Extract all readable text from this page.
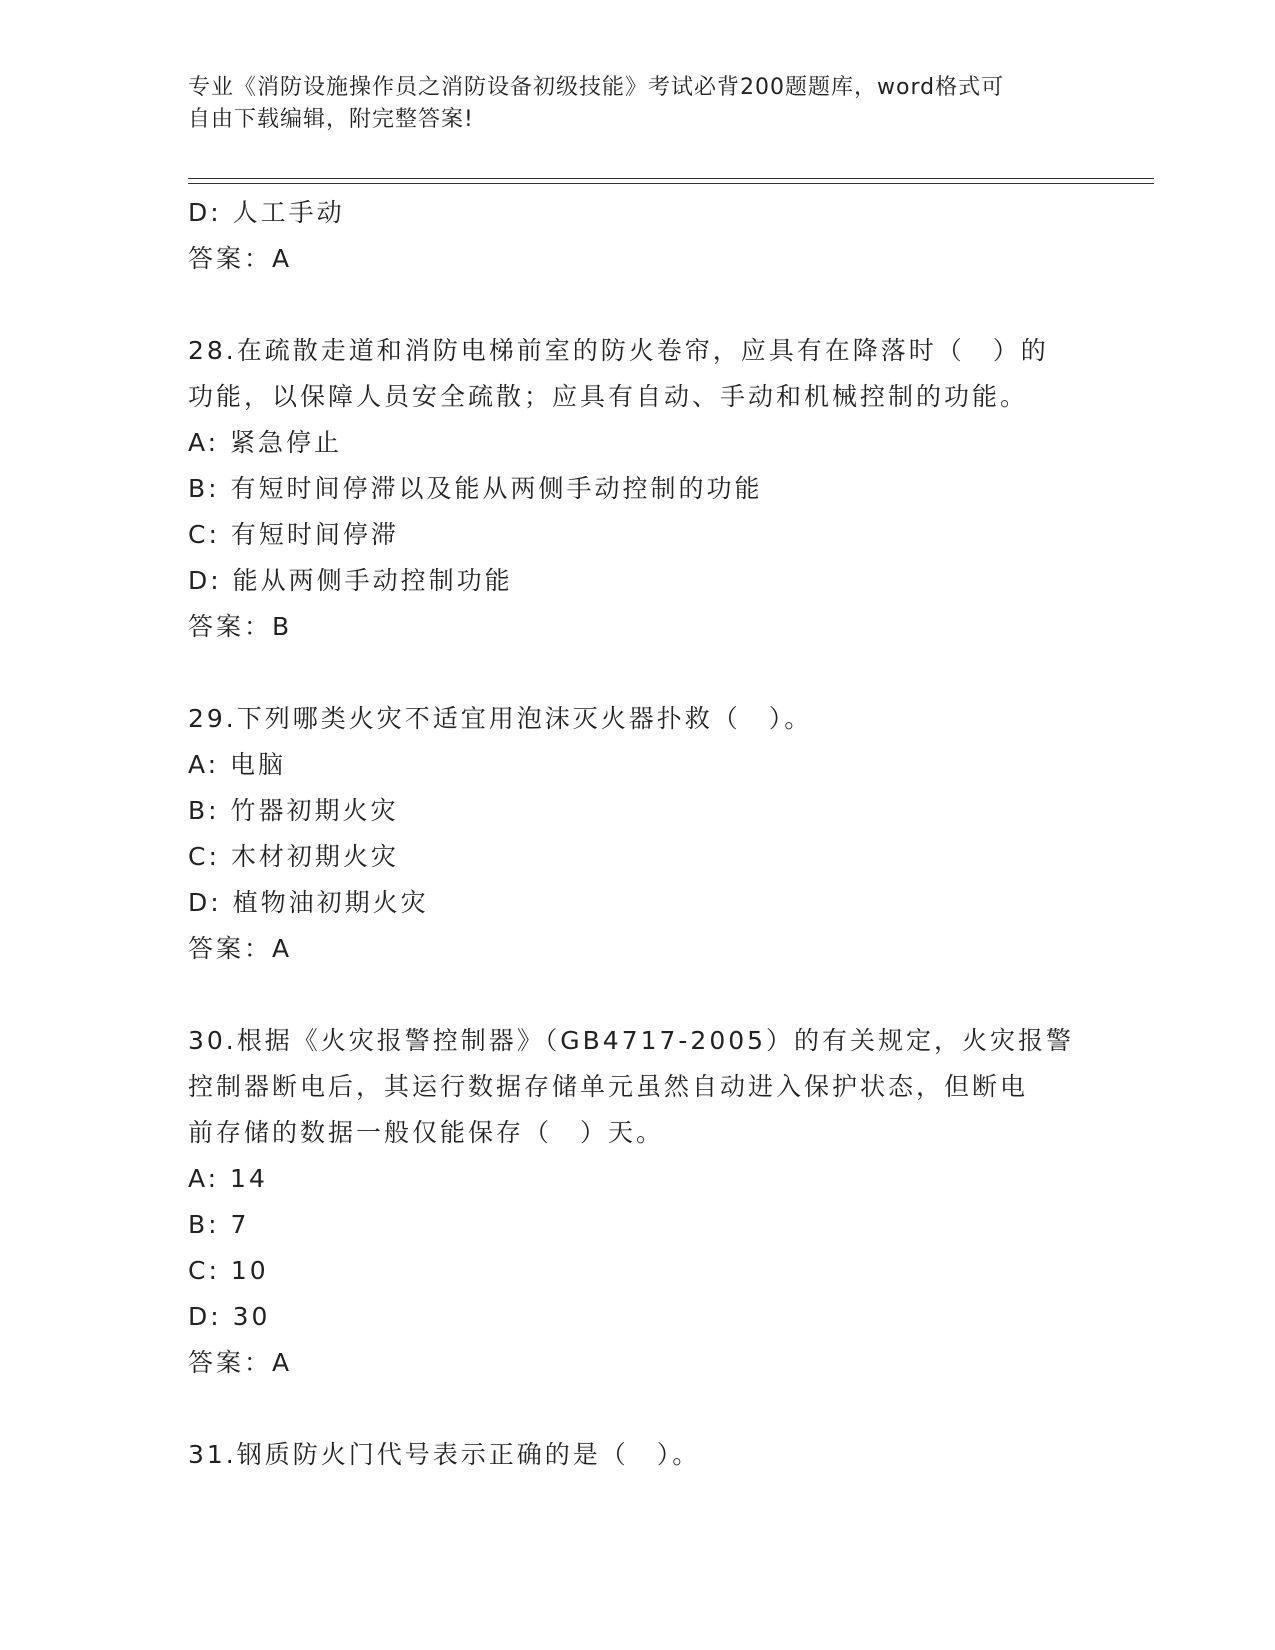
专业《消防设施操作员之消防设备初级技能》考试必背200题题库，word格式可
自由下载编辑，附完整答案!
D: 人工手动
答案：A
28.在疏散走道和消防电梯前室的防火卷帘，应具有在降落时（　）的
功能，以保障人员安全疏散；应具有自动、手动和机械控制的功能。
A: 紧急停止
B: 有短时间停滞以及能从两侧手动控制的功能
C: 有短时间停滞
D: 能从两侧手动控制功能
答案：B
29.下列哪类火灾不适宜用泡沫灭火器扑救（　）。
A: 电脑
B: 竹器初期火灾
C: 木材初期火灾
D: 植物油初期火灾
答案：A
30.根据《火灾报警控制器》（GB4717-2005）的有关规定，火灾报警
控制器断电后，其运行数据存储单元虽然自动进入保护状态，但断电
前存储的数据一般仅能保存（　）天。
A: 14
B: 7
C: 10
D: 30
答案：A
31.钢质防火门代号表示正确的是（　）。
